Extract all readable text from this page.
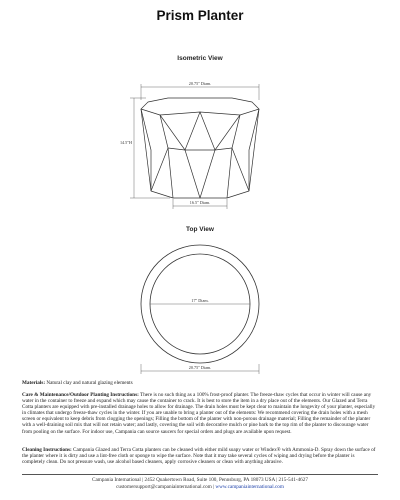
Prism Planter
Isometric View
20.75" Diam.
14.5"H
16.5" Diam.
17" Diam.
20.75" Diam.
Top View
Materials: Natural clay and natural glazing elements
Care & Maintenance/Outdoor Planting Instructions: There is no such thing as a 100% frost-proof planter. The freeze-thaw cycles that occur in winter will cause any water in the container to freeze and expand which may cause the container to crack. It is best to store the item in a dry place out of the elements. Our Glazed and Terra Cotta planters are equipped with pre-installed drainage holes to allow for drainage. The drain holes must be kept clear to maintain the longevity of your planter, especially in climates that undergo freeze-thaw cycles in the winter. If you are unable to bring a planter out of the elements: We recommend covering the drain holes with a mesh screen or equivalent to keep debris from clogging the openings; Filling the bottom of the planter with non-porous drainage material; Filling the remainder of the planter with a well-draining soil mix that will not retain water; and lastly, covering the soil with decorative mulch or pine bark to the top rim of the planter to discourage water from pooling on the surface. For indoor use, Campania can source saucers for special orders and plugs are available upon request.
Cleaning Instructions: Campania Glazed and Terra Cotta planters can be cleaned with either mild soapy water or Windex® with Ammonia-D. Spray down the surface of the planter where it is dirty and use a lint-free cloth or sponge to wipe the surface. Note that it may take several cycles of wiping and drying before the planter is completely clean. Do not pressure wash, use alcohol based cleaners, apply corrosive cleaners or clean with anything abrasive.
Campania International | 2452 Quakertown Road, Suite 100, Pennsburg, PA 18073 USA | 215-541-4627
customersupport@campaniainternational.com | www.campaniainternational.com
